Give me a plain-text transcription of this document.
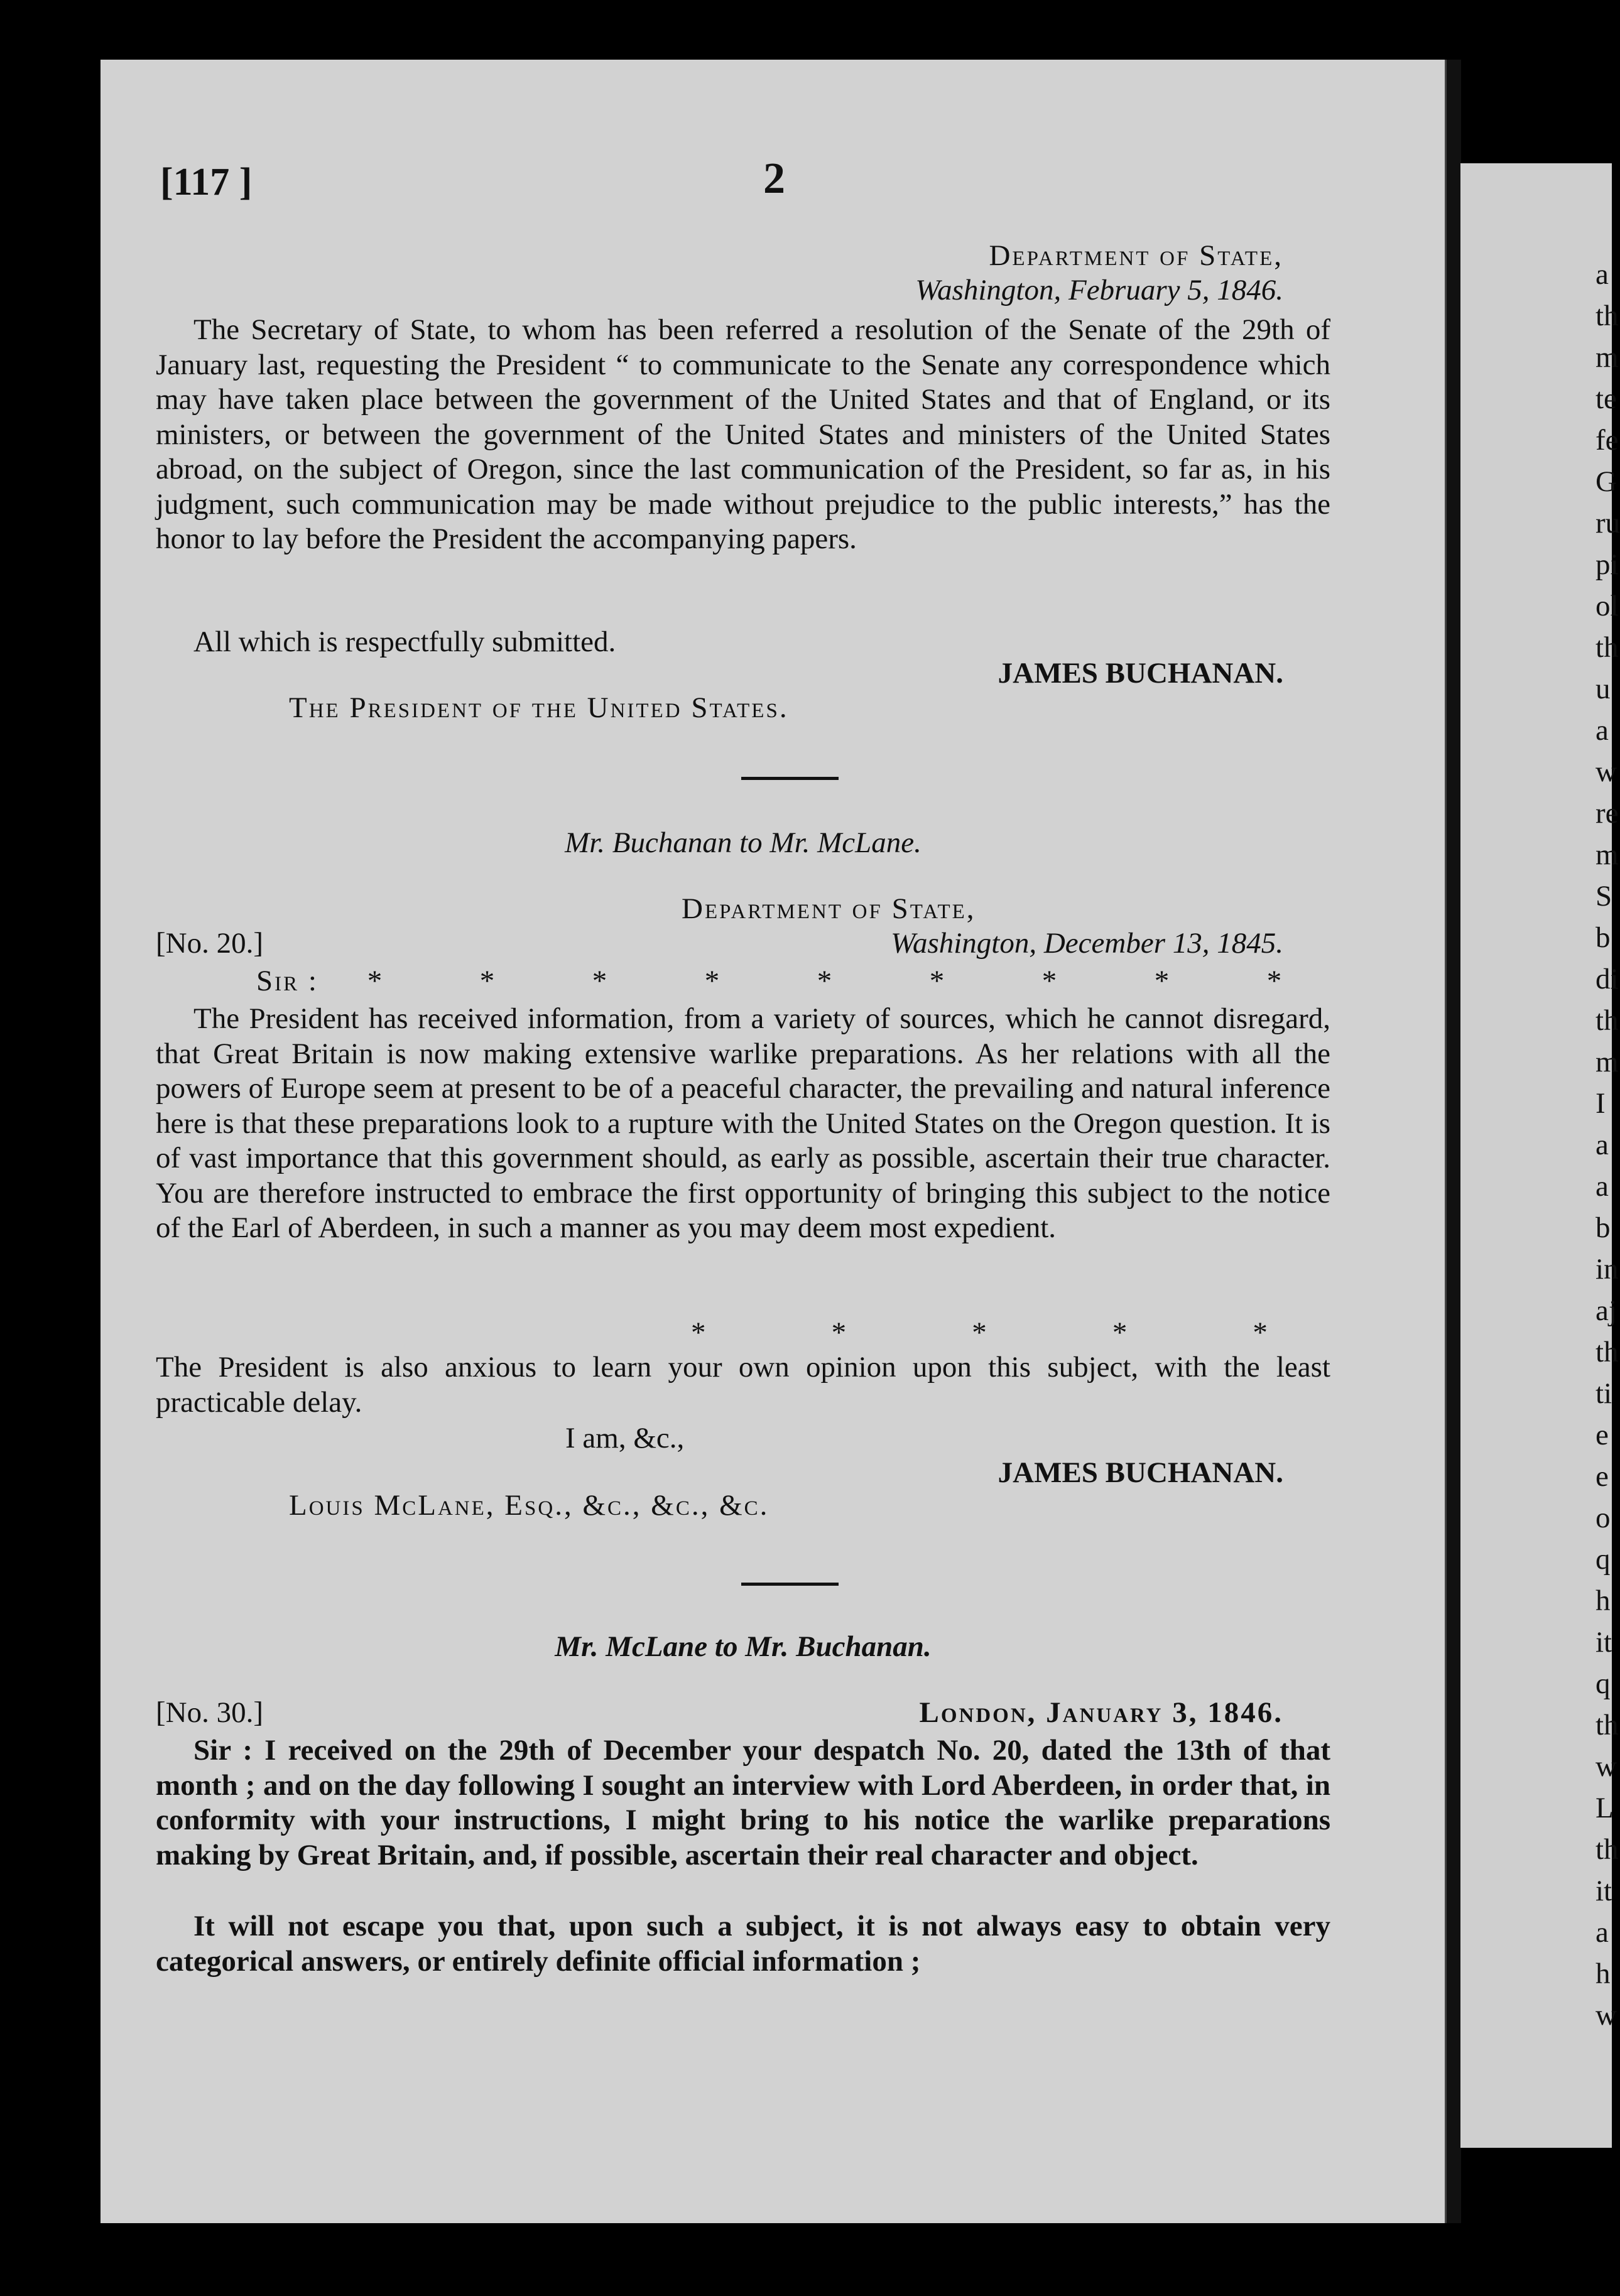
[117 ]	2
Department of State,
Washington, February 5, 1846.
The Secretary of State, to whom has been referred a resolution of the Senate of the 29th of January last, requesting the President “ to communicate to the Senate any correspondence which may have taken place between the government of the United States and that of England, or its ministers, or between the government of the United States and ministers of the United States abroad, on the subject of Oregon, since the last communication of the President, so far as, in his judgment, such communication may be made without prejudice to the public interests,” has the honor to lay before the President the accompanying papers.
All which is respectfully submitted.
JAMES BUCHANAN.
The President of the United States.
Mr. Buchanan to Mr. McLane.
Department of State,
[No. 20.]	Washington, December 13, 1845.
Sir : *	*	*	*	*	*	*	*	*
The President has received information, from a variety of sources, which he cannot disregard, that Great Britain is now making extensive warlike preparations. As her relations with all the powers of Europe seem at present to be of a peaceful character, the prevailing and natural inference here is that these preparations look to a rupture with the United States on the Oregon question. It is of vast importance that this government should, as early as possible, ascertain their true character. You are therefore instructed to embrace the first opportunity of bringing this subject to the notice of the Earl of Aberdeen, in such a manner as you may deem most expedient.
*	*	*	*	*
The President is also anxious to learn your own opinion upon this subject, with the least practicable delay.
I am, &c.,
JAMES BUCHANAN.
Louis McLane, Esq., &c., &c., &c.
Mr. McLane to Mr. Buchanan.
[No. 30.]	London, January 3, 1846.
Sir : I received on the 29th of December your despatch No. 20, dated the 13th of that month ; and on the day following I sought an interview with Lord Aberdeen, in order that, in conformity with your instructions, I might bring to his notice the warlike preparations making by Great Britain, and, if possible, ascertain their real character and object.
It will not escape you that, upon such a subject, it is not always easy to obtain very categorical answers, or entirely definite official information ;
a
th
m
te
fe
G
ru
pi
ol
th
u
a
w
re
m
S
b
di
th
m
I
a
a
b
in
aj
th
ti
e
e
o
q
h
it
q
th
w
L
th
it
a
h
w
